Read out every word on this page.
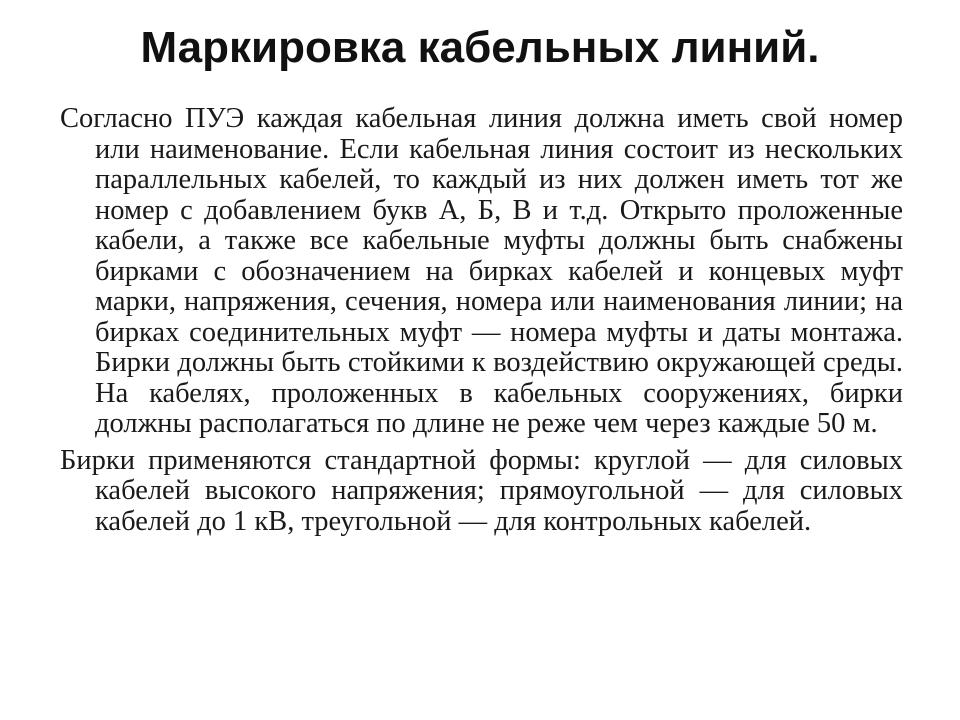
Маркировка кабельных линий.

Согласно ПУЭ каждая кабельная линия должна иметь свой номер или наименование. Если кабельная линия состоит из нескольких параллельных кабелей, то каждый из них должен иметь тот же номер с добавлением букв А, Б, В и т.д. Открыто проложенные кабели, а также все кабельные муфты должны быть снабжены бирками с обозначением на бирках кабелей и концевых муфт марки, напряжения, сечения, номера или наименования линии; на бирках соединительных муфт — номера муфты и даты монтажа. Бирки должны быть стойкими к воздействию окружающей среды. На кабелях, проложенных в кабельных сооружениях, бирки должны располагаться по длине не реже чем через каждые 50 м.

Бирки применяются стандартной формы: круглой — для силовых кабелей высокого напряжения; прямоугольной — для силовых кабелей до 1 кВ, треугольной — для контрольных кабелей.
